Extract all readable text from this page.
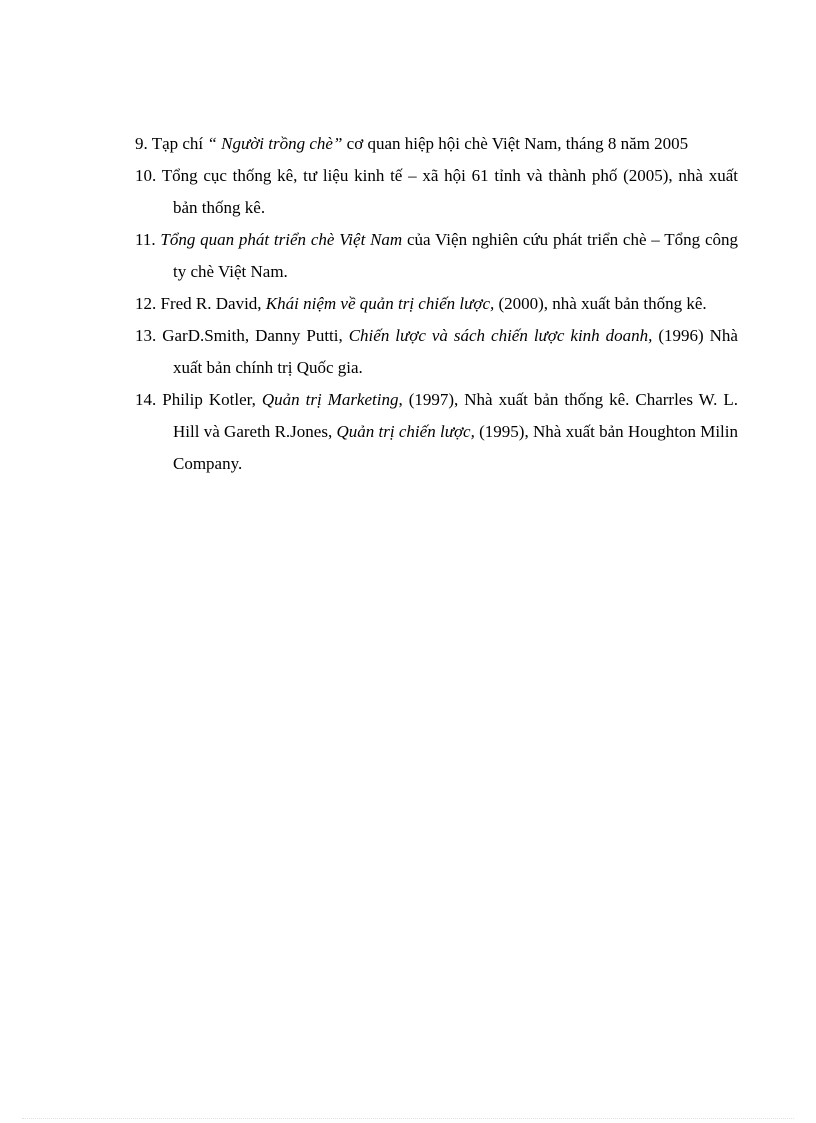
9. Tạp chí “ Người trồng chè” cơ quan hiệp hội chè Việt Nam, tháng 8 năm 2005
10. Tổng cục thống kê, tư liệu kinh tế – xã hội 61 tỉnh và thành phố (2005), nhà xuất bản thống kê.
11. Tổng quan phát triển chè Việt Nam của Viện nghiên cứu phát triển chè – Tổng công ty chè Việt Nam.
12. Fred R. David, Khái niệm về quản trị chiến lược, (2000), nhà xuất bản thống kê.
13. GarD.Smith, Danny Putti, Chiến lược và sách chiến lược kinh doanh, (1996) Nhà xuất bản chính trị Quốc gia.
14. Philip Kotler, Quản trị Marketing, (1997), Nhà xuất bản thống kê. Charrles W. L. Hill và Gareth R.Jones, Quản trị chiến lược, (1995), Nhà xuất bản Houghton Milin Company.
